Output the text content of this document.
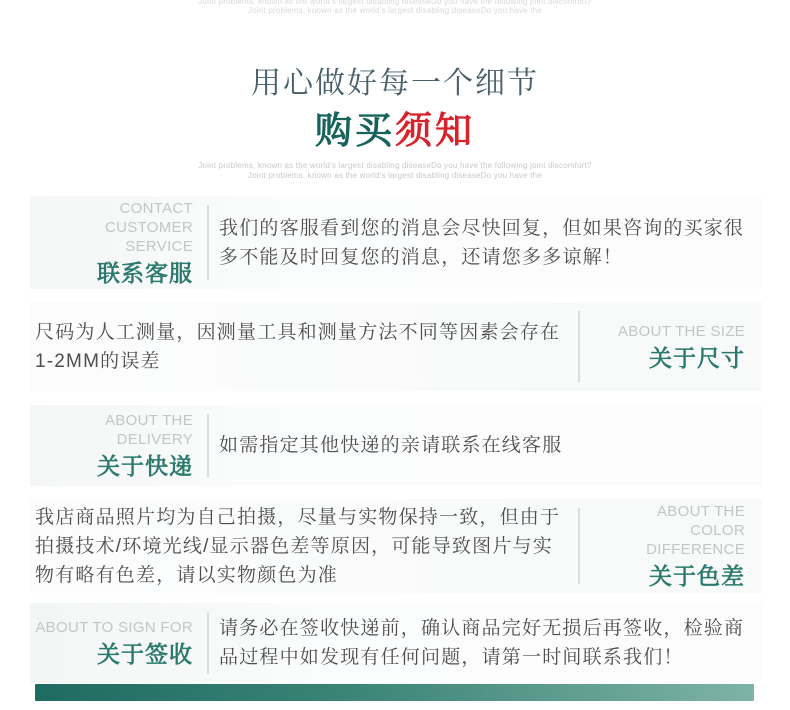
Joint problems, known as the world's largest disabling diseaseDo you have the following joint discomfort?
Joint problems, known as the world's largest disabling diseaseDo you have the
用心做好每一个细节
购买须知
Joint problems, known as the world's largest disabling diseaseDo you have the following joint discomfort?
Joint problems, known as the world's largest disabling diseaseDo you have the
CONTACT CUSTOMER
SERVICE
联系客服
我们的客服看到您的消息会尽快回复，但如果咨询的买家很多不能及时回复您的消息，还请您多多谅解！
尺码为人工测量，因测量工具和测量方法不同等因素会存在1-2MM的误差
ABOUT THE SIZE
关于尺寸
ABOUT THE DELIVERY
关于快递
如需指定其他快递的亲请联系在线客服
我店商品照片均为自己拍摄，尽量与实物保持一致，但由于拍摄技术/环境光线/显示器色差等原因，可能导致图片与实物有略有色差，请以实物颜色为准
ABOUT THE
COLOR DIFFERENCE
关于色差
ABOUT TO SIGN FOR
关于签收
请务必在签收快递前，确认商品完好无损后再签收，检验商品过程中如发现有任何问题，请第一时间联系我们！
